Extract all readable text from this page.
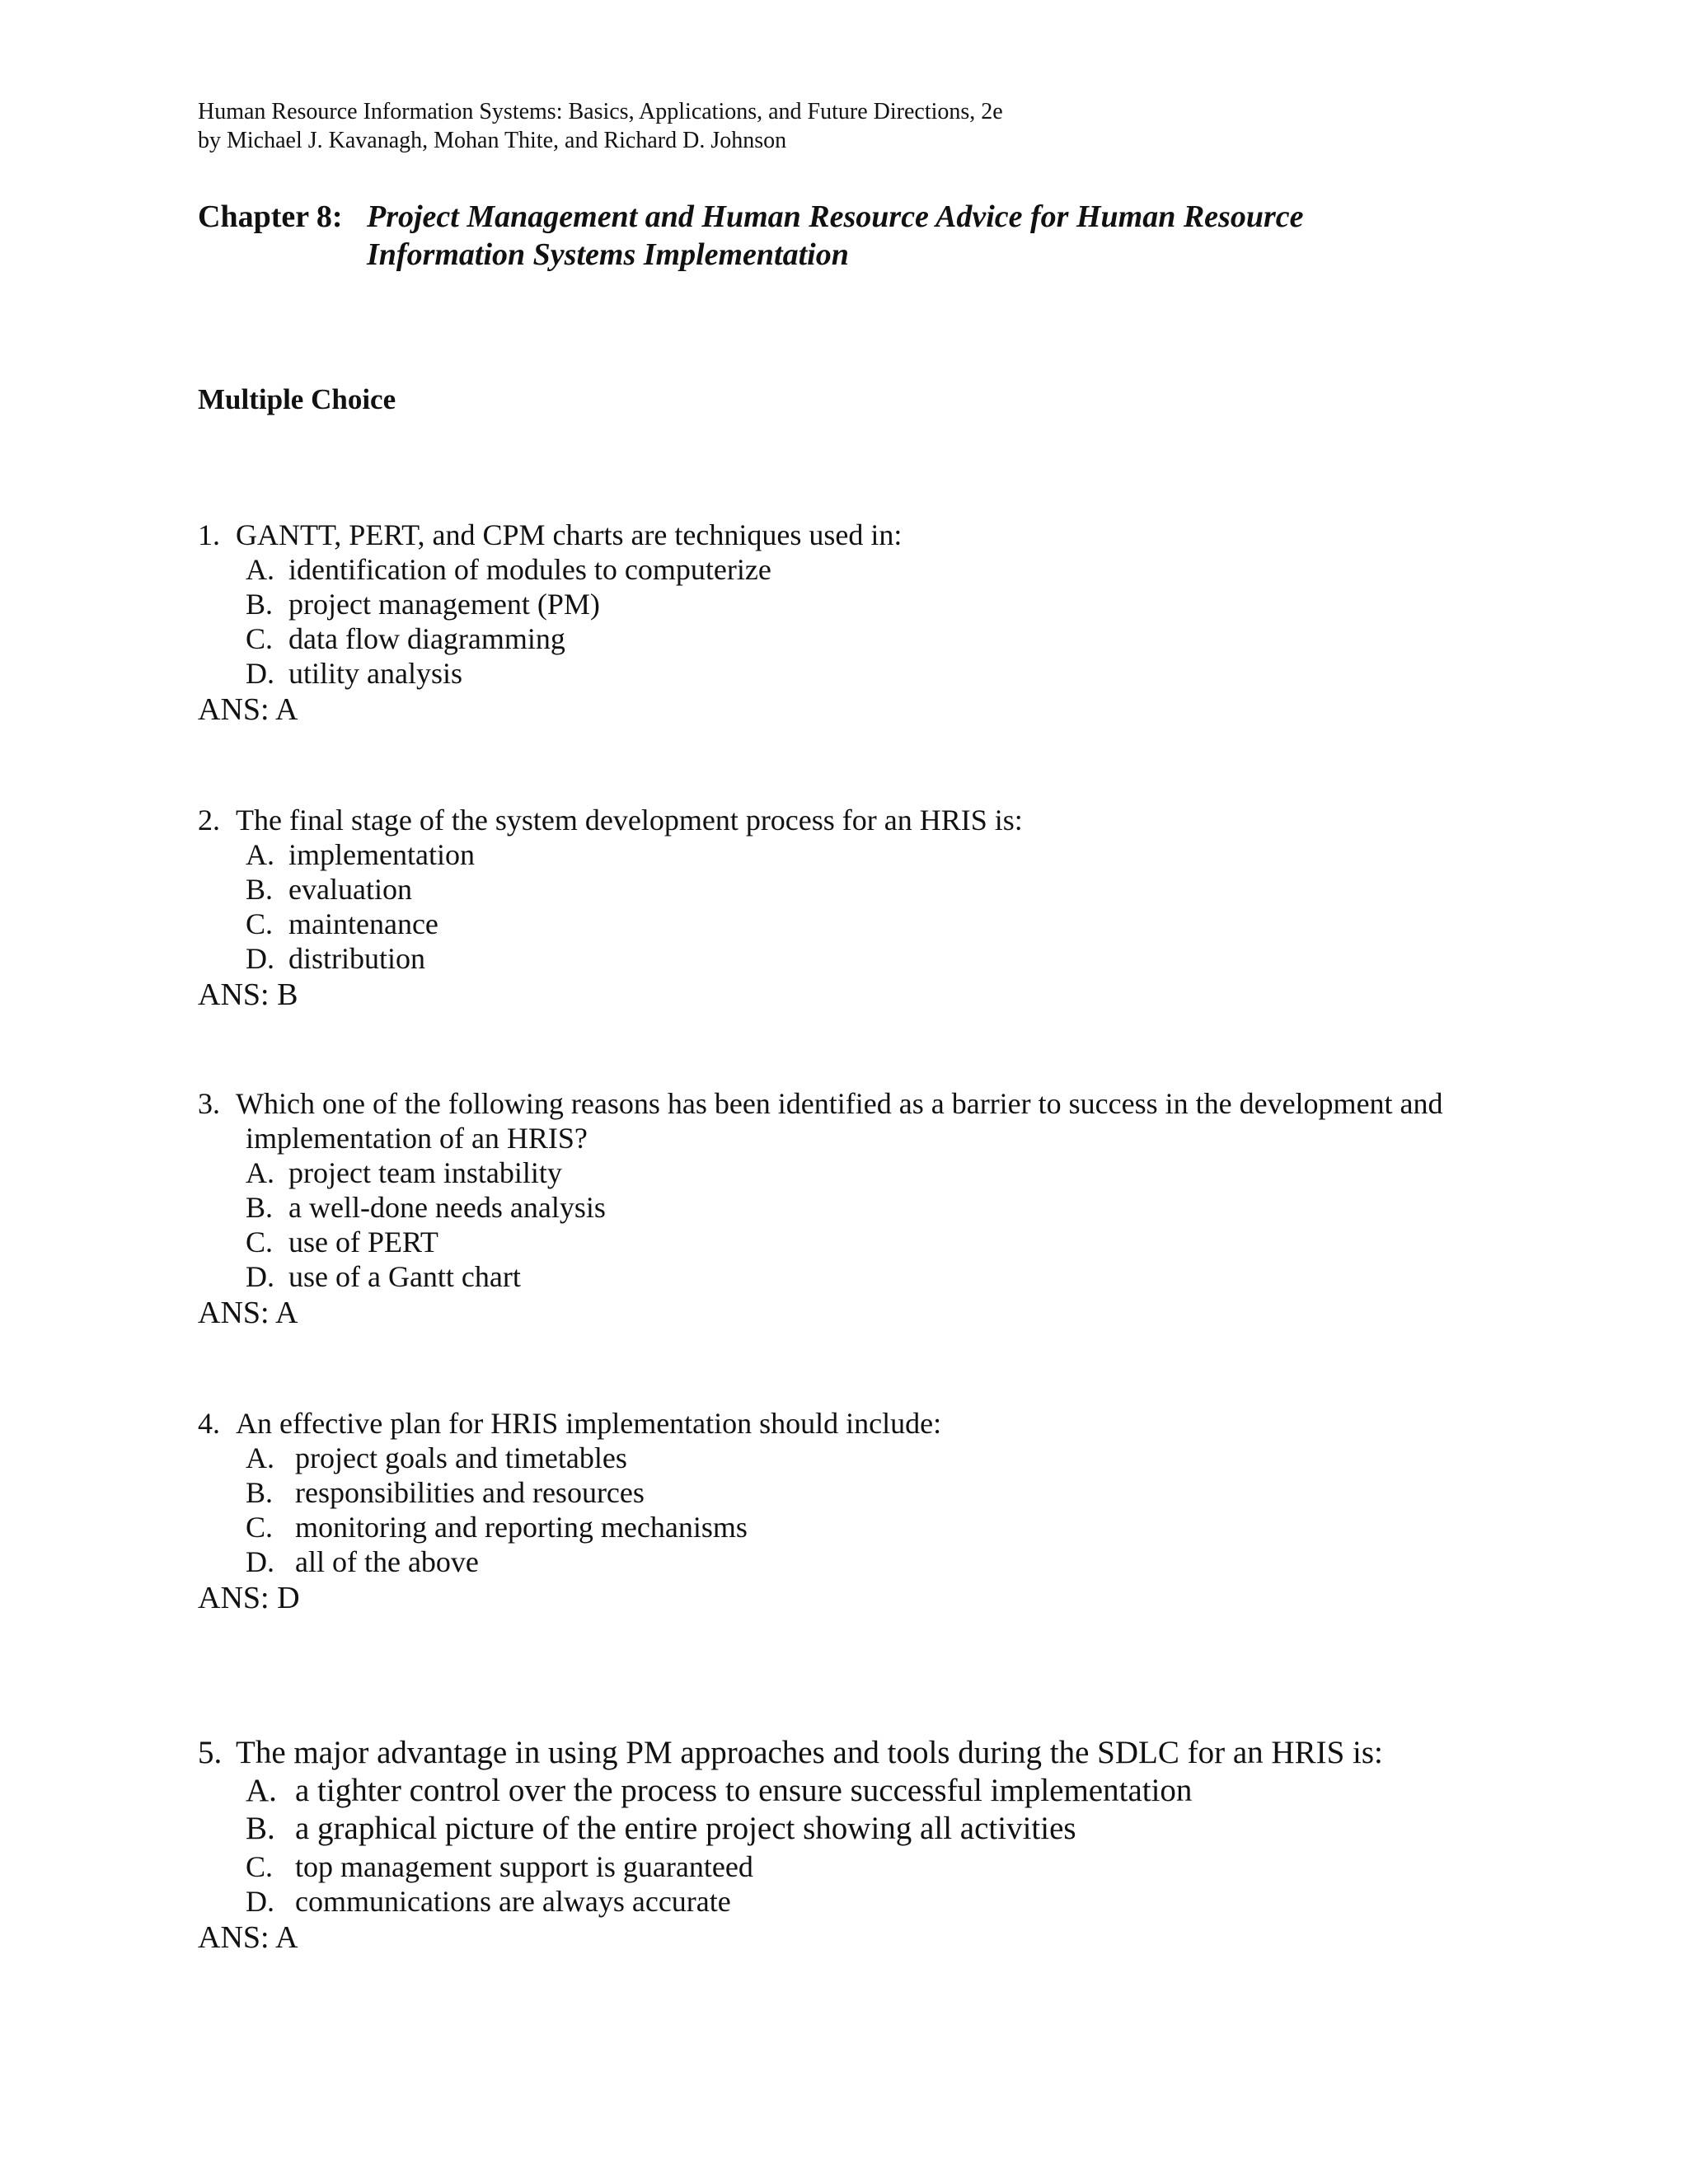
Human Resource Information Systems: Basics, Applications, and Future Directions, 2e
by Michael J. Kavanagh, Mohan Thite, and Richard D. Johnson
Chapter 8: Project Management and Human Resource Advice for Human Resource
Information Systems Implementation
Multiple Choice
1. GANTT, PERT, and CPM charts are techniques used in:
A. identification of modules to computerize
B. project management (PM)
C. data flow diagramming
D. utility analysis
ANS: A
2. The final stage of the system development process for an HRIS is:
A. implementation
B. evaluation
C. maintenance
D. distribution
ANS: B
3. Which one of the following reasons has been identified as a barrier to success in the development and
implementation of an HRIS?
A. project team instability
B. a well-done needs analysis
C. use of PERT
D. use of a Gantt chart
ANS: A
4. An effective plan for HRIS implementation should include:
A. project goals and timetables
B. responsibilities and resources
C. monitoring and reporting mechanisms
D. all of the above
ANS: D
5. The major advantage in using PM approaches and tools during the SDLC for an HRIS is:
A. a tighter control over the process to ensure successful implementation
B. a graphical picture of the entire project showing all activities
C. top management support is guaranteed
D. communications are always accurate
ANS: A
